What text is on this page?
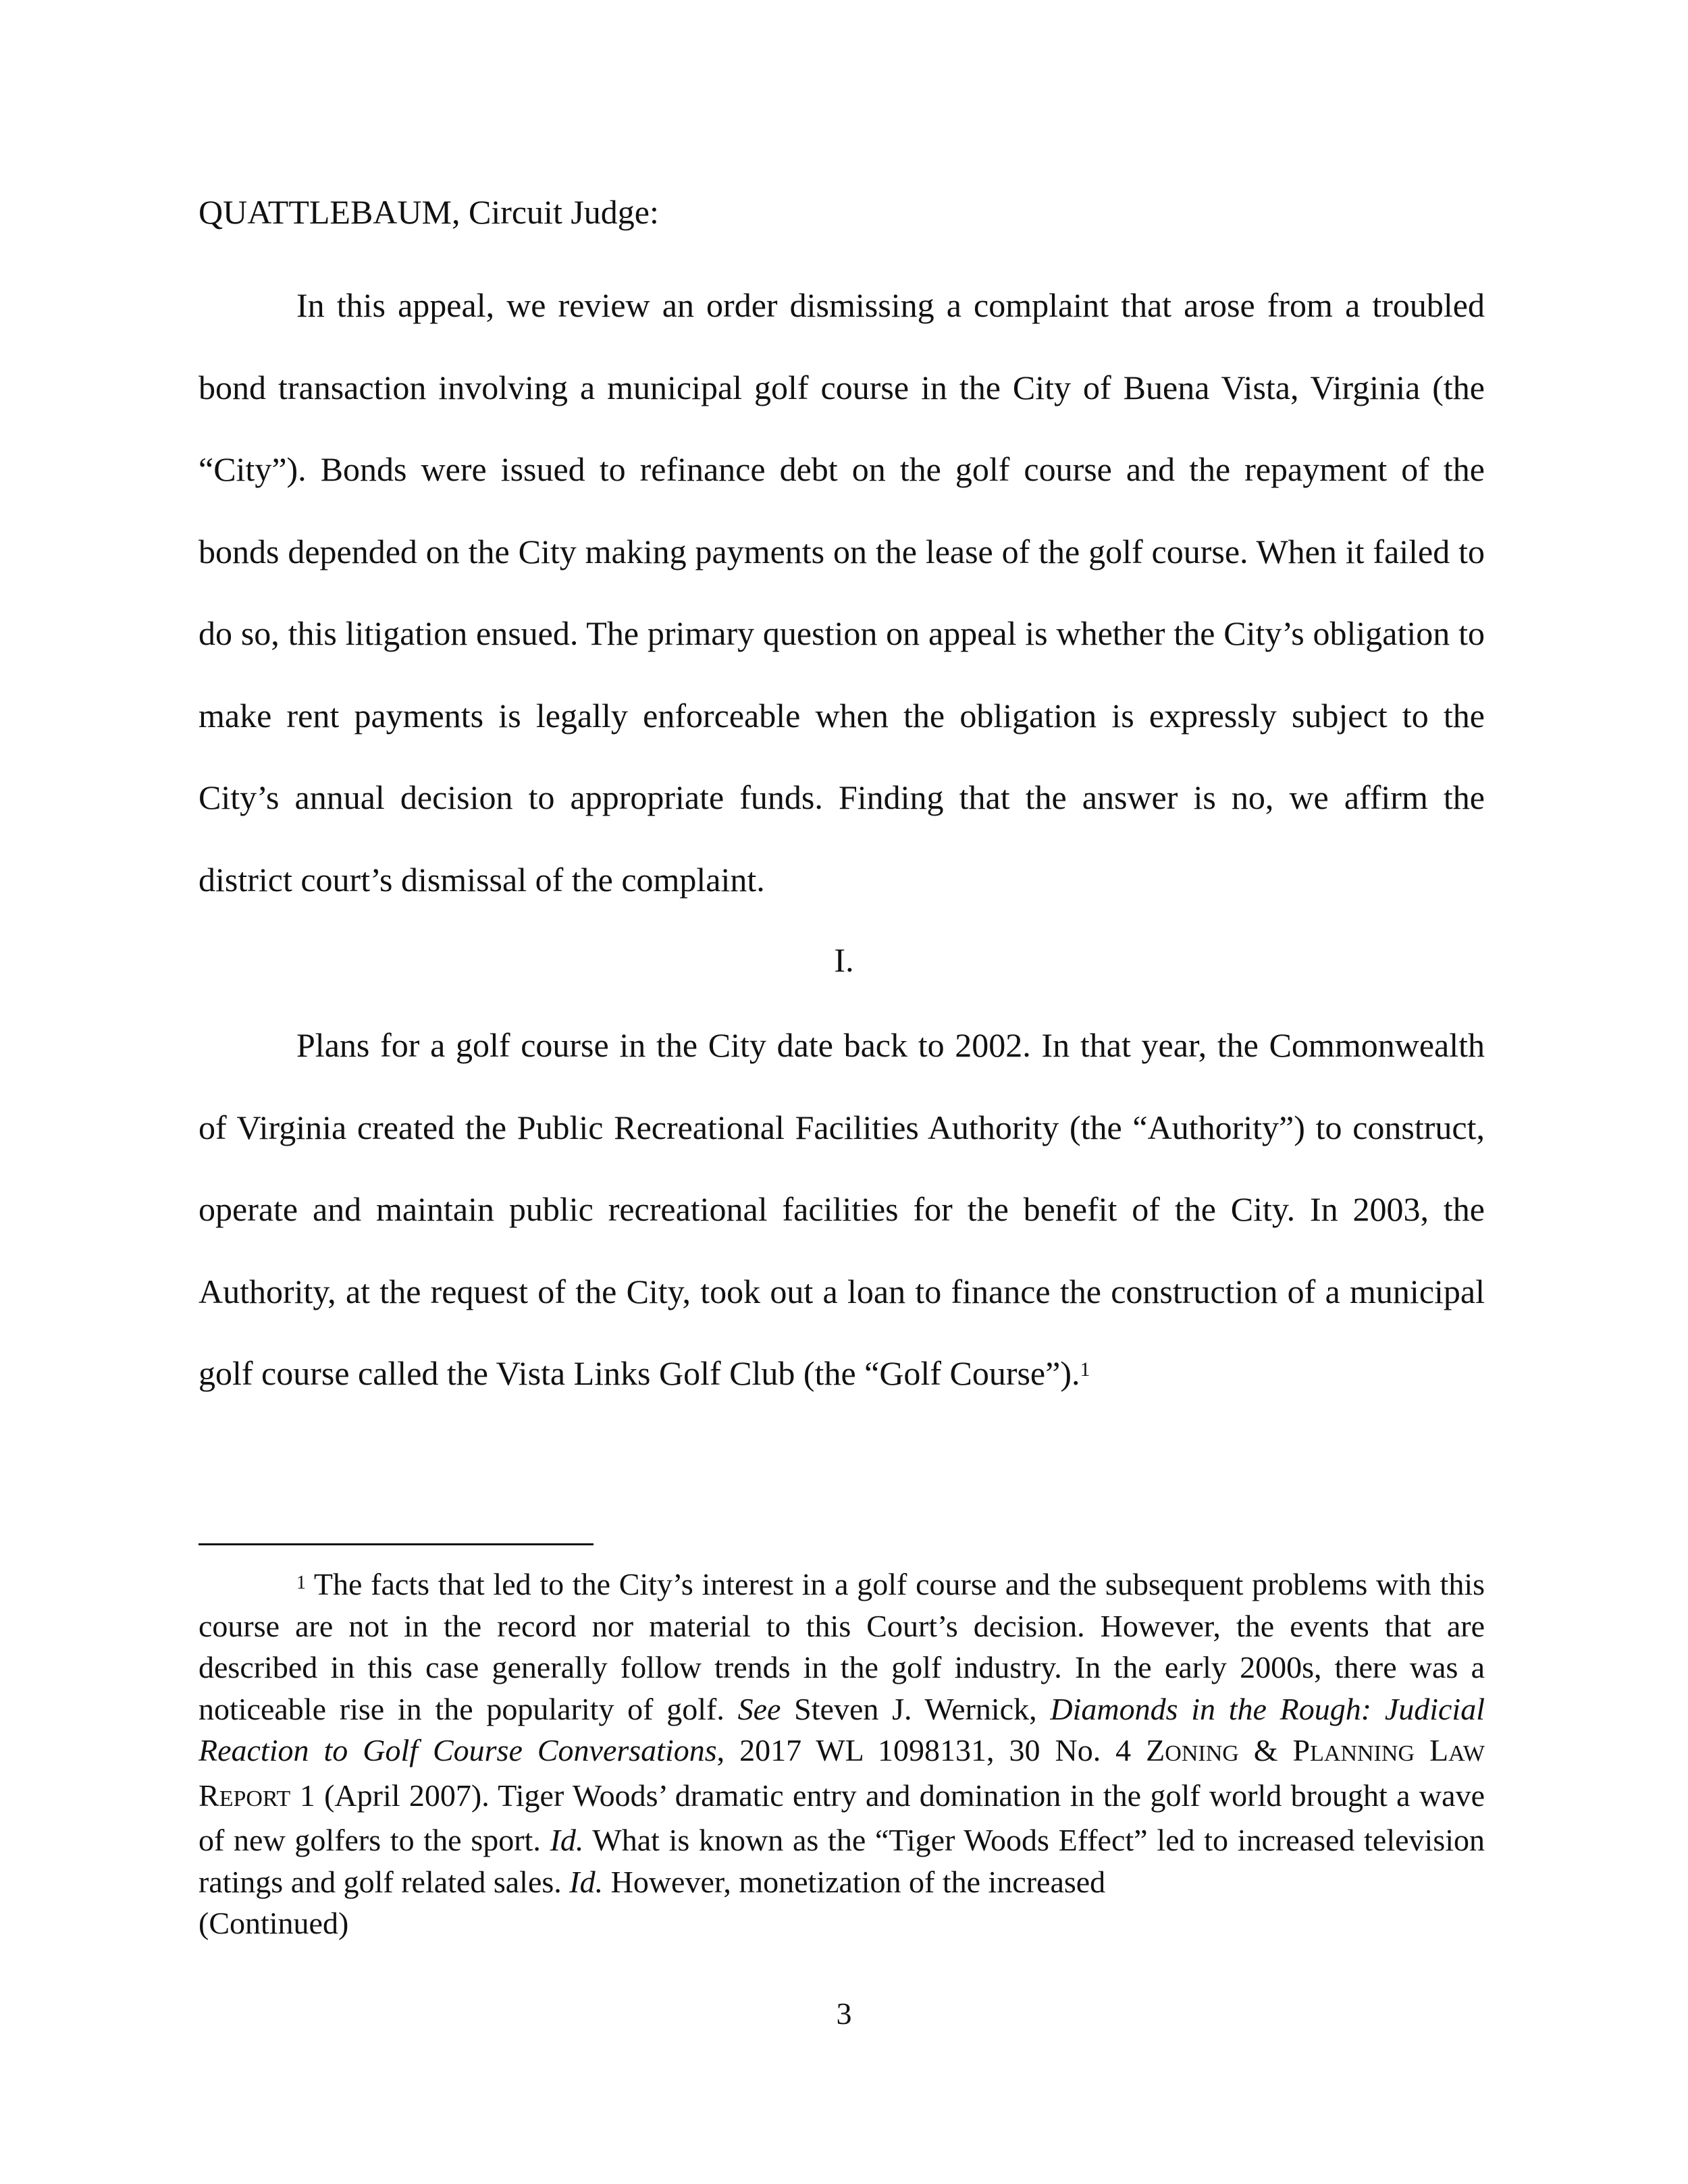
QUATTLEBAUM, Circuit Judge:

In this appeal, we review an order dismissing a complaint that arose from a troubled bond transaction involving a municipal golf course in the City of Buena Vista, Virginia (the “City”). Bonds were issued to refinance debt on the golf course and the repayment of the bonds depended on the City making payments on the lease of the golf course. When it failed to do so, this litigation ensued. The primary question on appeal is whether the City’s obligation to make rent payments is legally enforceable when the obligation is expressly subject to the City’s annual decision to appropriate funds. Finding that the answer is no, we affirm the district court’s dismissal of the complaint.

I.

Plans for a golf course in the City date back to 2002. In that year, the Commonwealth of Virginia created the Public Recreational Facilities Authority (the “Authority”) to construct, operate and maintain public recreational facilities for the benefit of the City. In 2003, the Authority, at the request of the City, took out a loan to finance the construction of a municipal golf course called the Vista Links Golf Club (the “Golf Course”).$^1$

$^1$ The facts that led to the City’s interest in a golf course and the subsequent problems with this course are not in the record nor material to this Court’s decision. However, the events that are described in this case generally follow trends in the golf industry. In the early 2000s, there was a noticeable rise in the popularity of golf. See Steven J. Wernick, Diamonds in the Rough: Judicial Reaction to Golf Course Conversations, 2017 WL 1098131, 30 No. 4 ZONING & PLANNING LAW REPORT 1 (April 2007). Tiger Woods’ dramatic entry and domination in the golf world brought a wave of new golfers to the sport. Id. What is known as the “Tiger Woods Effect” led to increased television ratings and golf related sales. Id. However, monetization of the increased
(Continued)

3
